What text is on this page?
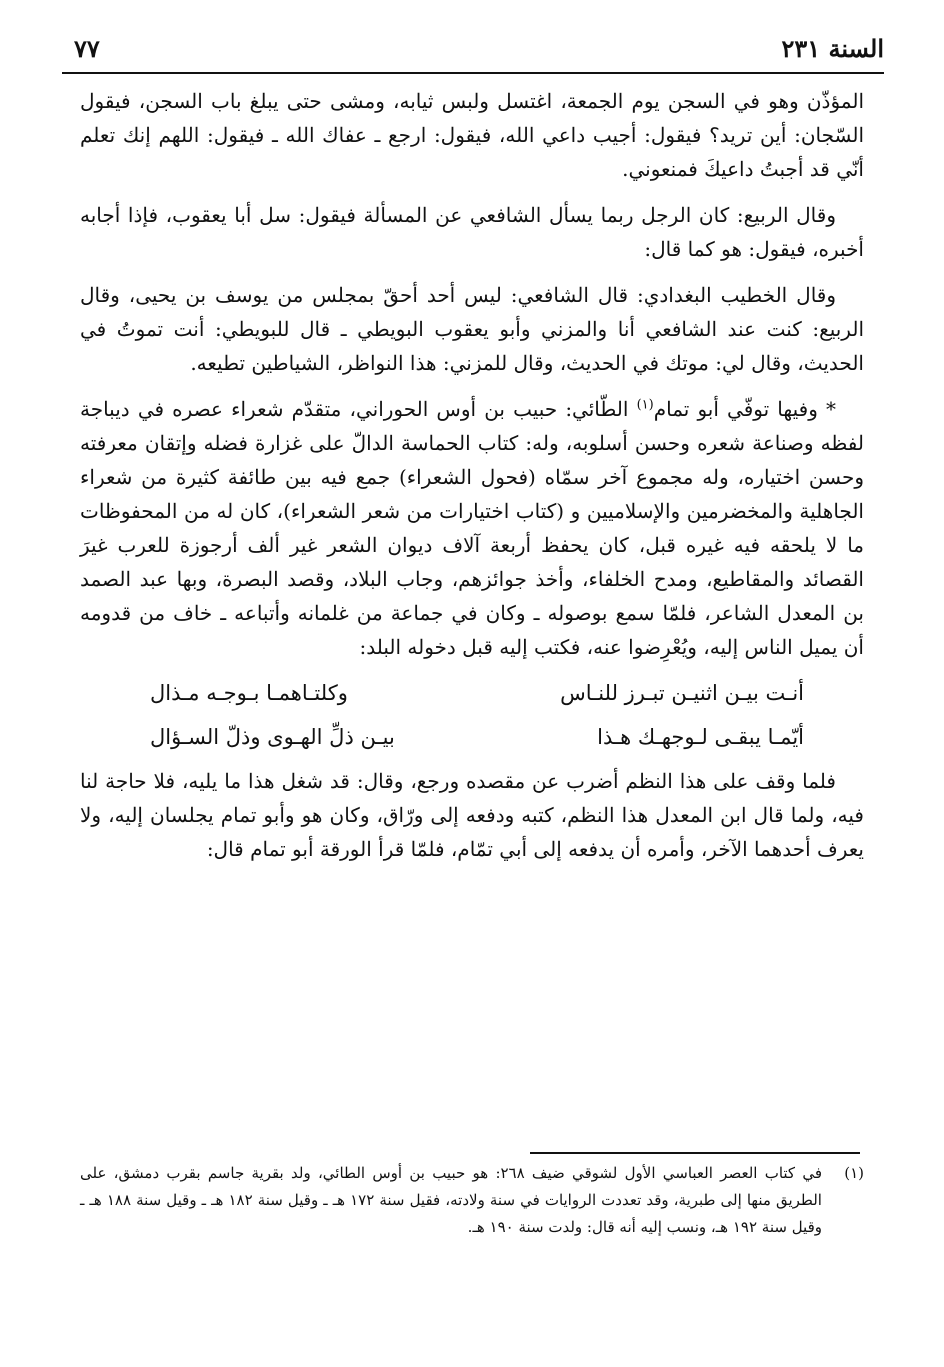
السنة ٢٣١
٧٧

المؤذّن وهو في السجن يوم الجمعة، اغتسل ولبس ثيابه، ومشى حتى يبلغ باب السجن، فيقول السّجان: أين تريد؟ فيقول: أجيب داعي الله، فيقول: ارجع ـ عفاك الله ـ فيقول: اللهم إنك تعلم أنّي قد أجبتُ داعيكَ فمنعوني.

وقال الربيع: كان الرجل ربما يسأل الشافعي عن المسألة فيقول: سل أبا يعقوب، فإذا أجابه أخبره، فيقول: هو كما قال:

وقال الخطيب البغدادي: قال الشافعي: ليس أحد أحقّ بمجلس من يوسف بن يحيى، وقال الربيع: كنت عند الشافعي أنا والمزني وأبو يعقوب البويطي ـ قال للبويطي: أنت تموتُ في الحديث، وقال لي: موتك في الحديث، وقال للمزني: هذا النواظر، الشياطين تطيعه.

* وفيها توفّي أبو تمام$^{(١)}$ الطّائي: حبيب بن أوس الحوراني، متقدّم شعراء عصره في ديباجة لفظه وصناعة شعره وحسن أسلوبه، وله: كتاب الحماسة الدالّ على غزارة فضله وإتقان معرفته وحسن اختياره، وله مجموع آخر سمّاه (فحول الشعراء) جمع فيه بين طائفة كثيرة من شعراء الجاهلية والمخضرمين والإسلاميين و (كتاب اختيارات من شعر الشعراء)، كان له من المحفوظات ما لا يلحقه فيه غيره قبل، كان يحفظ أربعة آلاف ديوان الشعر غير ألف أرجوزة للعرب غيرَ القصائد والمقاطيع، ومدح الخلفاء، وأخذ جوائزهم، وجاب البلاد، وقصد البصرة، وبها عبد الصمد بن المعدل الشاعر، فلمّا سمع بوصوله ـ وكان في جماعة من غلمانه وأتباعه ـ خاف من قدومه أن يميل الناس إليه، ويُعْرِضوا عنه، فكتب إليه قبل دخوله البلد:

أنـت بيـن اثنيـن تبـرز للنـاس
وكلتـاهمـا بـوجـه مـذال
أيّمـا يبقـى لـوجهـك هـذا
بيـن ذلِّ الهـوى وذلّ السـؤال

فلما وقف على هذا النظم أضرب عن مقصده ورجع، وقال: قد شغل هذا ما يليه، فلا حاجة لنا فيه، ولما قال ابن المعدل هذا النظم، كتبه ودفعه إلى ورّاق، وكان هو وأبو تمام يجلسان إليه، ولا يعرف أحدهما الآخر، وأمره أن يدفعه إلى أبي تمّام، فلمّا قرأ الورقة أبو تمام قال:

(١)
في كتاب العصر العباسي الأول لشوقي ضيف ٢٦٨: هو حبيب بن أوس الطائي، ولد بقرية جاسم بقرب دمشق، على الطريق منها إلى طبرية، وقد تعددت الروايات في سنة ولادته، فقيل سنة ١٧٢ هـ ـ وقيل سنة ١٨٢ هـ ـ وقيل سنة ١٨٨ هـ ـ وقيل سنة ١٩٢ هـ، ونسب إليه أنه قال: ولدت سنة ١٩٠ هـ.
